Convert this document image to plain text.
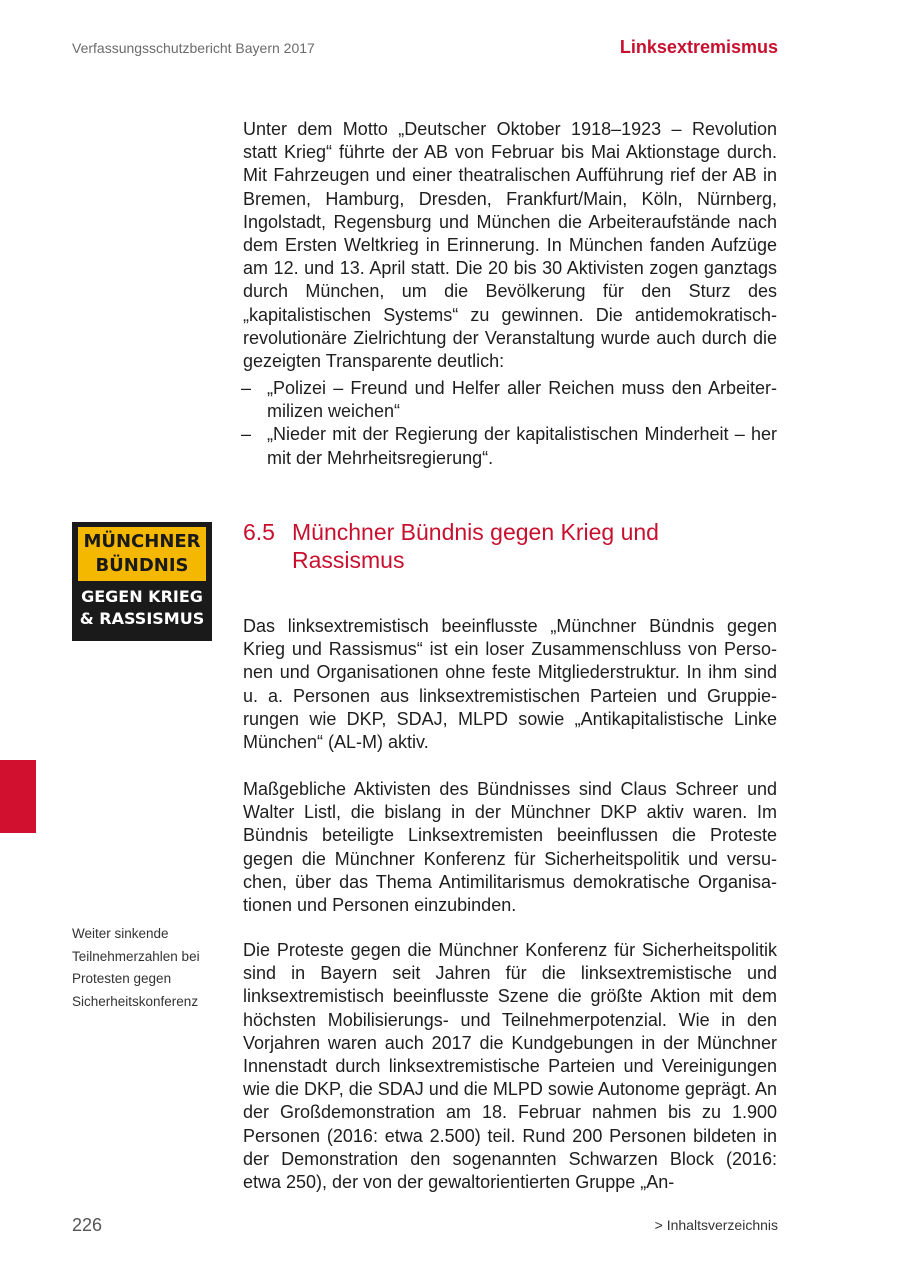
Verfassungsschutzbericht Bayern 2017	Linksextremismus

Unter dem Motto „Deutscher Oktober 1918–1923 – Revolution statt Krieg“ führte der AB von Februar bis Mai Aktionstage durch. Mit Fahrzeugen und einer theatralischen Aufführung rief der AB in Bremen, Hamburg, Dresden, Frankfurt/Main, Köln, Nürnberg, Ingolstadt, Regensburg und München die Arbeiteraufstände nach dem Ersten Weltkrieg in Erinnerung. In München fanden Aufzüge am 12. und 13. April statt. Die 20 bis 30 Aktivisten zogen ganztags durch München, um die Bevölkerung für den Sturz des „kapitalistischen Systems“ zu gewinnen. Die antidemokratisch-revolutionäre Zielrichtung der Veranstaltung wurde auch durch die gezeigten Transparente deutlich:

– „Polizei – Freund und Helfer aller Reichen muss den Arbeitermilizen weichen“
– „Nieder mit der Regierung der kapitalistischen Minderheit – her mit der Mehrheitsregierung“.
MÜNCHNER
BÜNDNIS
GEGEN KRIEG
& RASSISMUS
6.5 Münchner Bündnis gegen Krieg und Rassismus

Das linksextremistisch beeinflusste „Münchner Bündnis gegen Krieg und Rassismus“ ist ein loser Zusammenschluss von Personen und Organisationen ohne feste Mitgliederstruktur. In ihm sind u. a. Personen aus linksextremistischen Parteien und Gruppierungen wie DKP, SDAJ, MLPD sowie „Antikapitalistische Linke München“ (AL-M) aktiv.

Maßgebliche Aktivisten des Bündnisses sind Claus Schreer und Walter Listl, die bislang in der Münchner DKP aktiv waren. Im Bündnis beteiligte Linksextremisten beeinflussen die Proteste gegen die Münchner Konferenz für Sicherheitspolitik und versuchen, über das Thema Antimilitarismus demokratische Organisationen und Personen einzubinden.

Weiter sinkende Teilnehmerzahlen bei Protesten gegen Sicherheitskonferenz

Die Proteste gegen die Münchner Konferenz für Sicherheitspolitik sind in Bayern seit Jahren für die linksextremistische und linksextremistisch beeinflusste Szene die größte Aktion mit dem höchsten Mobilisierungs- und Teilnehmerpotenzial. Wie in den Vorjahren waren auch 2017 die Kundgebungen in der Münchner Innenstadt durch linksextremistische Parteien und Vereinigungen wie die DKP, die SDAJ und die MLPD sowie Autonome geprägt. An der Großdemonstration am 18. Februar nahmen bis zu 1.900 Personen (2016: etwa 2.500) teil. Rund 200 Personen bildeten in der Demonstration den sogenannten Schwarzen Block (2016: etwa 250), der von der gewaltorientierten Gruppe „An-

226	> Inhaltsverzeichnis
